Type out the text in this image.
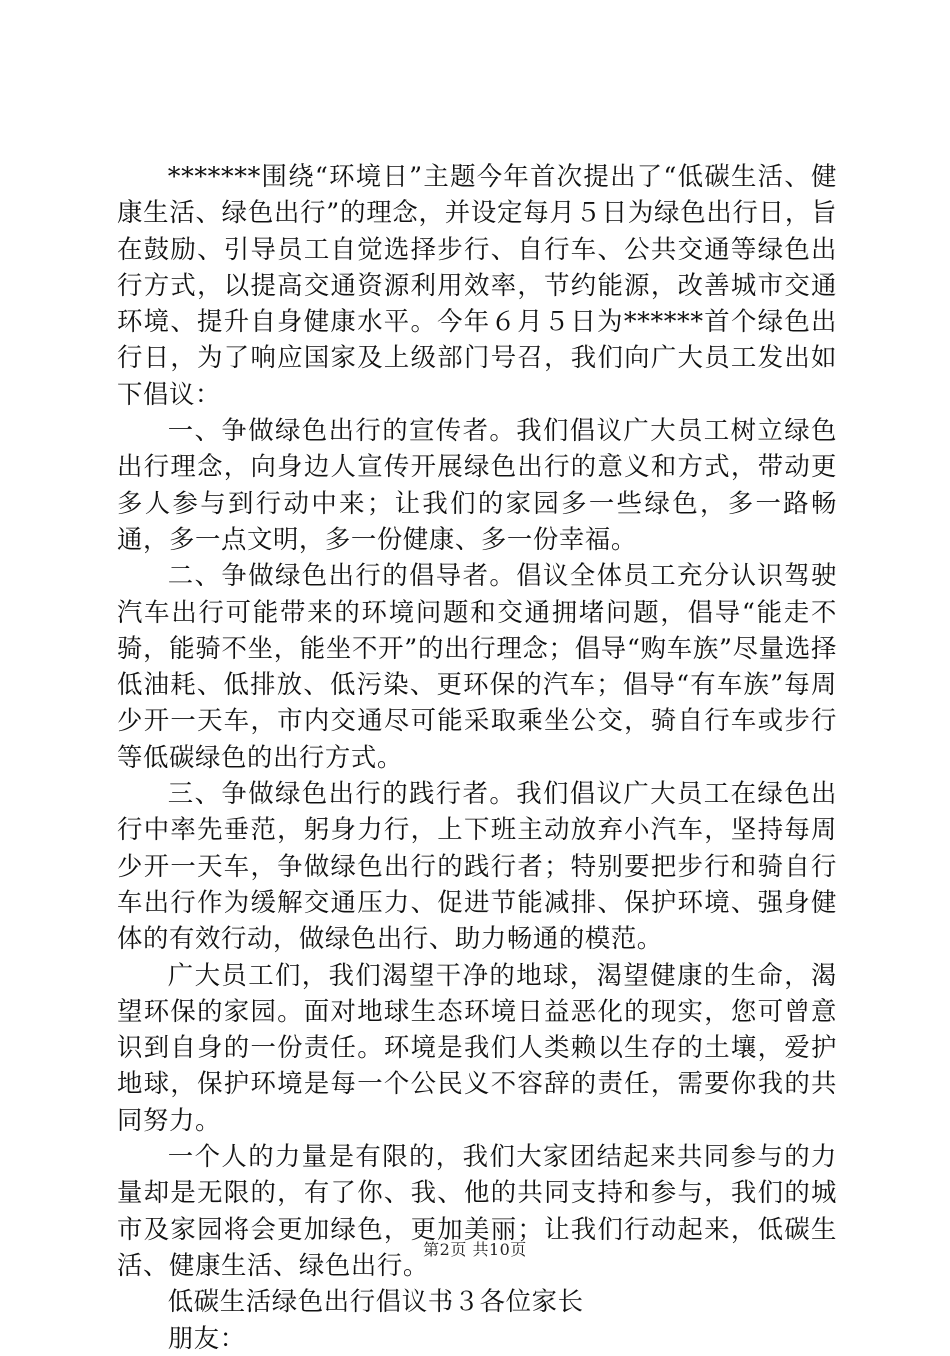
*******围绕“环境日”主题今年首次提出了“低碳生活、健康生活、绿色出行”的理念，并设定每月５日为绿色出行日，旨在鼓励、引导员工自觉选择步行、自行车、公共交通等绿色出行方式，以提高交通资源利用效率，节约能源，改善城市交通环境、提升自身健康水平。今年６月５日为******首个绿色出行日，为了响应国家及上级部门号召，我们向广大员工发出如下倡议：

一、争做绿色出行的宣传者。我们倡议广大员工树立绿色出行理念，向身边人宣传开展绿色出行的意义和方式，带动更多人参与到行动中来；让我们的家园多一些绿色，多一路畅通，多一点文明，多一份健康、多一份幸福。

二、争做绿色出行的倡导者。倡议全体员工充分认识驾驶汽车出行可能带来的环境问题和交通拥堵问题，倡导“能走不骑，能骑不坐，能坐不开”的出行理念；倡导“购车族”尽量选择低油耗、低排放、低污染、更环保的汽车；倡导“有车族”每周少开一天车，市内交通尽可能采取乘坐公交，骑自行车或步行等低碳绿色的出行方式。

三、争做绿色出行的践行者。我们倡议广大员工在绿色出行中率先垂范，躬身力行，上下班主动放弃小汽车，坚持每周少开一天车，争做绿色出行的践行者；特别要把步行和骑自行车出行作为缓解交通压力、促进节能减排、保护环境、强身健体的有效行动，做绿色出行、助力畅通的模范。

广大员工们，我们渴望干净的地球，渴望健康的生命，渴望环保的家园。面对地球生态环境日益恶化的现实，您可曾意识到自身的一份责任。环境是我们人类赖以生存的土壤，爱护地球，保护环境是每一个公民义不容辞的责任，需要你我的共同努力。

一个人的力量是有限的，我们大家团结起来共同参与的力量却是无限的，有了你、我、他的共同支持和参与，我们的城市及家园将会更加绿色，更加美丽；让我们行动起来，低碳生活、健康生活、绿色出行。

低碳生活绿色出行倡议书３各位家长

朋友：

第2页 共10页
